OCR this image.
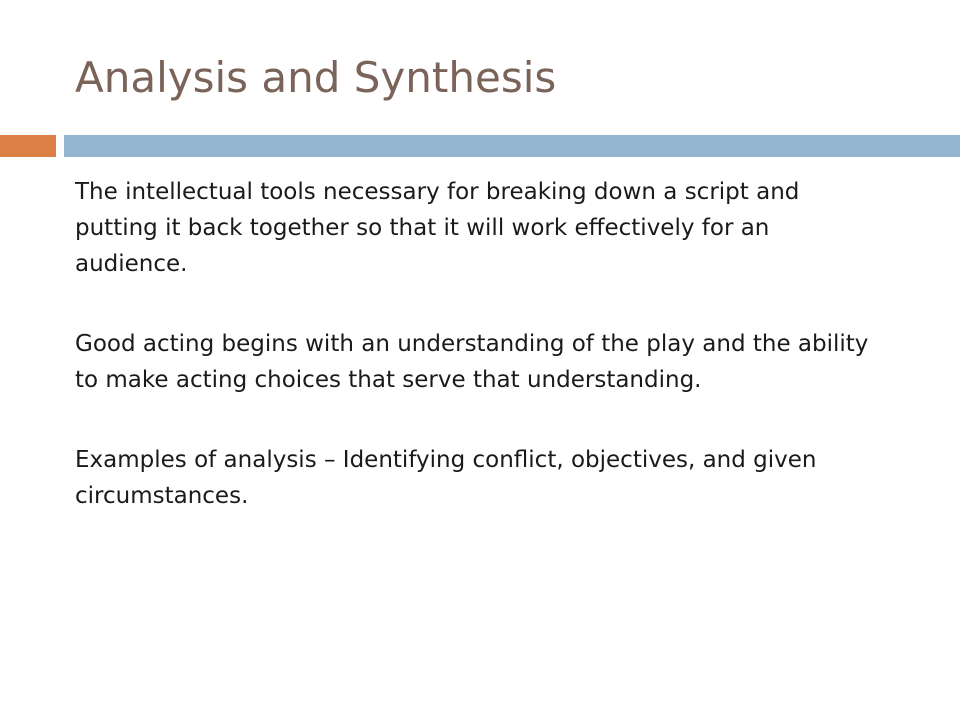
Analysis and Synthesis

The intellectual tools necessary for breaking down a script and putting it back together so that it will work effectively for an audience.

Good acting begins with an understanding of the play and the ability to make acting choices that serve that understanding.

Examples of analysis – Identifying conflict, objectives, and given circumstances.
